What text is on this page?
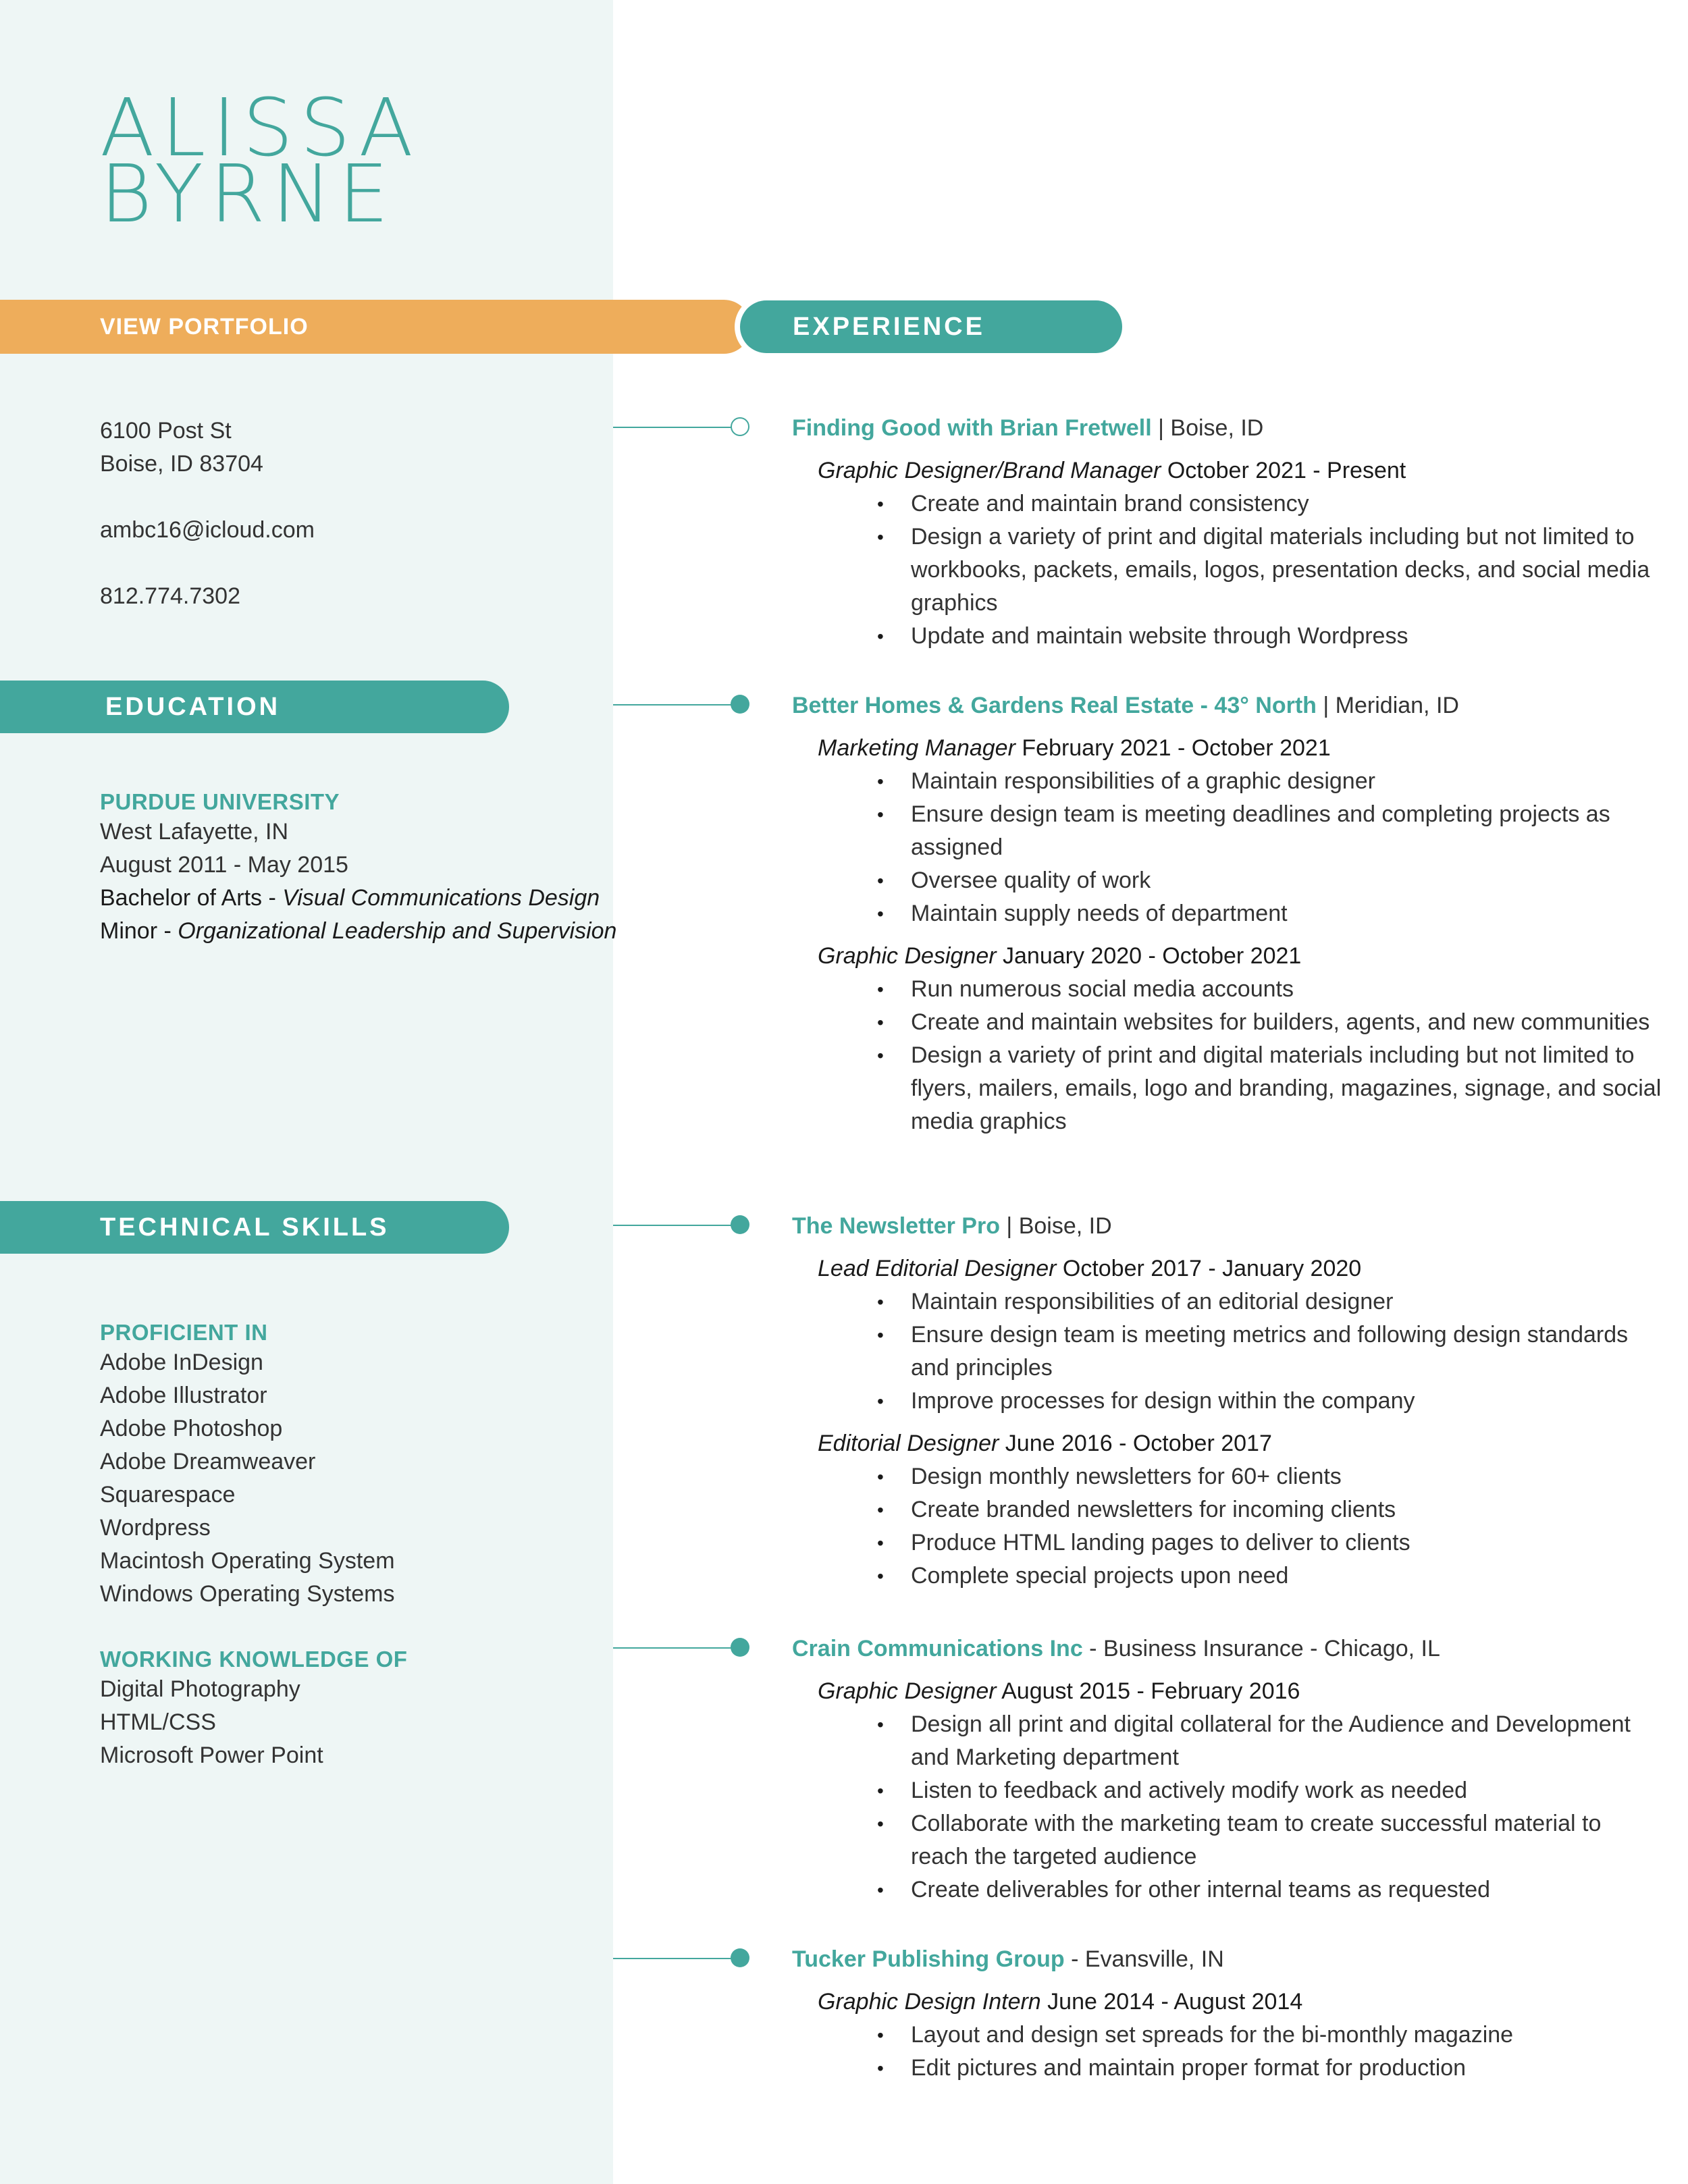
ALISSA
BYRNE
VIEW PORTFOLIO	EXPERIENCE

6100 Post St

Boise, ID 83704

ambc16@icloud.com

812.774.7302

EDUCATION

PURDUE UNIVERSITY

West Lafayette, IN

August 2011 - May 2015

Bachelor of Arts - Visual Communications Design

Minor - Organizational Leadership and Supervision

TECHNICAL SKILLS

PROFICIENT IN

Adobe InDesign

Adobe Illustrator

Adobe Photoshop

Adobe Dreamweaver

Squarespace

Wordpress

Macintosh Operating System

Windows Operating Systems

WORKING KNOWLEDGE OF

Digital Photography

HTML/CSS

Microsoft Power Point

Finding Good with Brian Fretwell | Boise, ID

Graphic Designer/Brand Manager October 2021 - Present

• Create and maintain brand consistency
• Design a variety of print and digital materials including but not limited to workbooks, packets, emails, logos, presentation decks, and social media graphics
• Update and maintain website through Wordpress

Better Homes & Gardens Real Estate - 43° North | Meridian, ID

Marketing Manager February 2021 - October 2021

• Maintain responsibilities of a graphic designer
• Ensure design team is meeting deadlines and completing projects as assigned
• Oversee quality of work
• Maintain supply needs of department

Graphic Designer January 2020 - October 2021

• Run numerous social media accounts
• Create and maintain websites for builders, agents, and new communities
• Design a variety of print and digital materials including but not limited to flyers, mailers, emails, logo and branding, magazines, signage, and social media graphics

The Newsletter Pro | Boise, ID

Lead Editorial Designer October 2017 - January 2020

• Maintain responsibilities of an editorial designer
• Ensure design team is meeting metrics and following design standards and principles
• Improve processes for design within the company

Editorial Designer June 2016 - October 2017

• Design monthly newsletters for 60+ clients
• Create branded newsletters for incoming clients
• Produce HTML landing pages to deliver to clients
• Complete special projects upon need

Crain Communications Inc - Business Insurance - Chicago, IL

Graphic Designer August 2015 - February 2016

• Design all print and digital collateral for the Audience and Development and Marketing department
• Listen to feedback and actively modify work as needed
• Collaborate with the marketing team to create successful material to reach the targeted audience
• Create deliverables for other internal teams as requested

Tucker Publishing Group - Evansville, IN

Graphic Design Intern June 2014 - August 2014

• Layout and design set spreads for the bi-monthly magazine
• Edit pictures and maintain proper format for production
